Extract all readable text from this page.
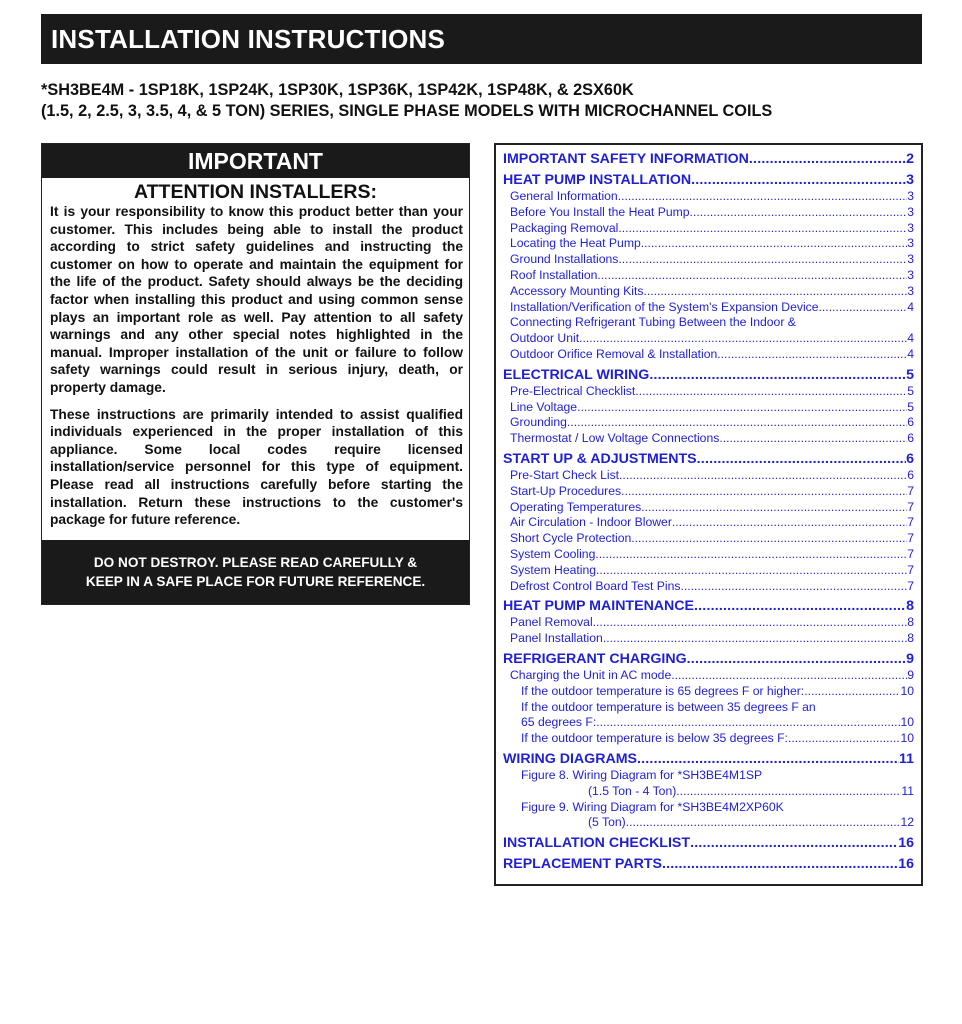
INSTALLATION INSTRUCTIONS
*SH3BE4M - 1SP18K, 1SP24K, 1SP30K, 1SP36K, 1SP42K, 1SP48K, & 2SX60K
(1.5, 2, 2.5, 3, 3.5, 4, & 5 TON) SERIES, SINGLE PHASE MODELS WITH MICROCHANNEL COILS
IMPORTANT
ATTENTION INSTALLERS:

It is your responsibility to know this product better than your customer. This includes being able to install the product according to strict safety guidelines and instructing the customer on how to operate and maintain the equipment for the life of the product. Safety should always be the deciding factor when installing this product and using common sense plays an important role as well. Pay attention to all safety warnings and any other special notes highlighted in the manual. Improper installation of the unit or failure to follow safety warnings could result in serious injury, death, or property damage.

These instructions are primarily intended to assist qualified individuals experienced in the proper installation of this appliance. Some local codes require licensed installation/service personnel for this type of equipment. Please read all instructions carefully before starting the installation. Return these instructions to the customer's package for future reference.

DO NOT DESTROY. PLEASE READ CAREFULLY &
KEEP IN A SAFE PLACE FOR FUTURE REFERENCE.
IMPORTANT SAFETY INFORMATION .....	2
HEAT PUMP INSTALLATION .....	3
General Information .....	3
Before You Install the Heat Pump .....	3
Packaging Removal .....	3
Locating the Heat Pump .....	3
Ground Installations .....	3
Roof Installation .....	3
Accessory Mounting Kits .....	3
Installation/Verification of the System's Expansion Device .....	4
Connecting Refrigerant Tubing Between the Indoor &
Outdoor Unit .....	4
Outdoor Orifice Removal & Installation .....	4
ELECTRICAL WIRING .....	5
Pre-Electrical Checklist .....	5
Line Voltage .....	5
Grounding .....	6
Thermostat / Low Voltage Connections .....	6
START UP & ADJUSTMENTS .....	6
Pre-Start Check List .....	6
Start-Up Procedures .....	7
Operating Temperatures .....	7
Air Circulation - Indoor Blower .....	7
Short Cycle Protection .....	7
System Cooling .....	7
System Heating .....	7
Defrost Control Board Test Pins .....	7
HEAT PUMP MAINTENANCE .....	8
Panel Removal .....	8
Panel Installation .....	8
REFRIGERANT CHARGING .....	9
Charging the Unit in AC mode .....	9
If the outdoor temperature is 65 degrees F or higher: .....	10
If the outdoor temperature is between 35 degrees F an
65 degrees F: .....	10
If the outdoor temperature is below 35 degrees F: .....	10
WIRING DIAGRAMS .....	11
Figure 8. Wiring Diagram for *SH3BE4M1SP
(1.5 Ton - 4 Ton) .....	11
Figure 9. Wiring Diagram for *SH3BE4M2XP60K
(5 Ton) .....	12
INSTALLATION CHECKLIST .....	16
REPLACEMENT PARTS .....	16
